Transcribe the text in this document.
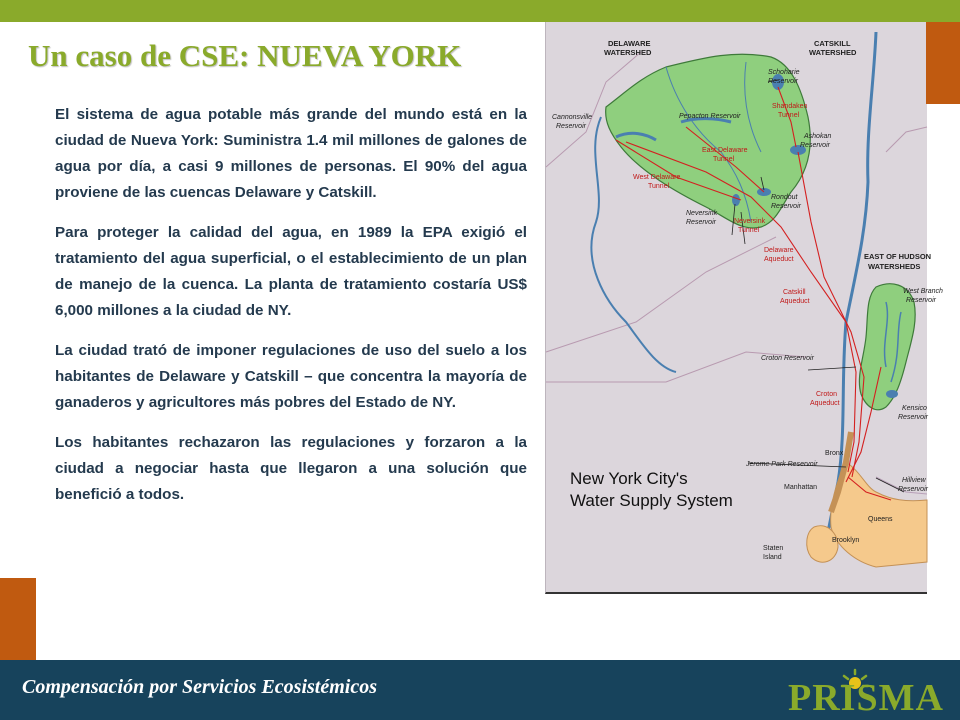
Un caso de CSE: NUEVA YORK

El sistema de agua potable más grande del mundo está en la ciudad de Nueva York: Suministra 1.4 mil millones de galones de agua por día, a casi 9 millones de personas. El 90% del agua proviene de las cuencas Delaware y Catskill.

Para proteger la calidad del agua, en 1989 la EPA exigió el tratamiento del agua superficial, o el establecimiento de un plan de manejo de la cuenca. La planta de tratamiento costaría US$ 6,000 millones a la ciudad de NY.

La ciudad trató de imponer regulaciones de uso del suelo a los habitantes de Delaware y Catskill – que concentra la mayoría de ganaderos y agricultores más pobres del Estado de NY.

Los habitantes rechazaron las regulaciones y forzaron a la ciudad a negociar hasta que llegaron a una solución que benefició a todos.

DELAWARE
WATERSHED
CATSKILL
WATERSHED
EAST OF HUDSON
WATERSHEDS
Schoharie
Reservoir
Cannonsville
Reservoir
Pepacton Reservoir
Ashokan
Reservoir
Rondout
Reservoir
Neversink
Reservoir
West Branch
Reservoir
Croton Reservoir
Kensico
Reservoir
Jerome Park Reservoir
Hillview
Reservoir
Shandaken
Tunnel
East Delaware
Tunnel
West Delaware
Tunnel
Neversink
Tunnel
Delaware
Aqueduct
Catskill
Aqueduct
Croton
Aqueduct
Bronx
Manhattan
Queens
Brooklyn
Staten
Island
New York City's
Water Supply System
Compensación por Servicios Ecosistémicos	PRISMA
